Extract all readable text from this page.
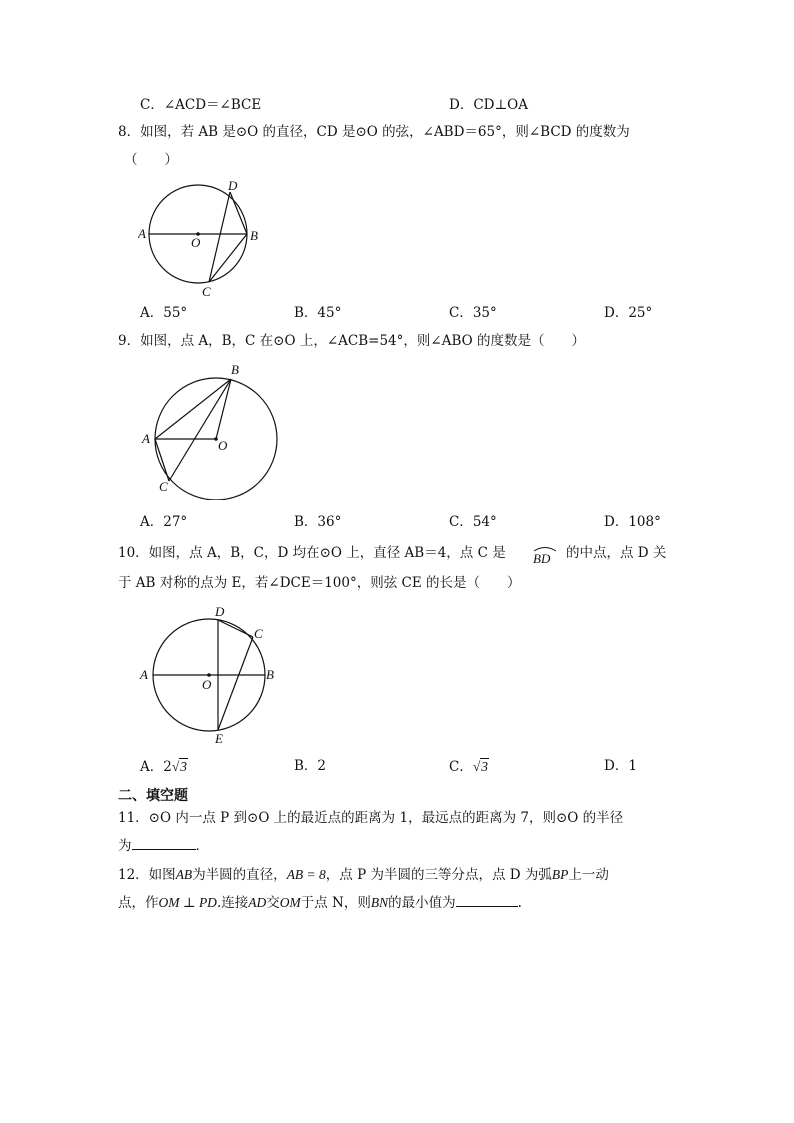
C．∠ACD＝∠BCE	D．CD⊥OA
8．如图，若 AB 是⊙O 的直径，CD 是⊙O 的弦，∠ABD＝65°，则∠BCD 的度数为
（　　）
A	B
D
C
O
A．55°	B．45°	C．35°	D．25°
9．如图，点 A，B，C 在⊙O 上，∠ACB=54°，则∠ABO 的度数是（　　）
A
B
C
O
A．27°	B．36°	C．54°	D．108°
10．如图，点 A，B，C，D 均在⊙O 上，直径 AB＝4，点 C 是 BD 的中点，点 D 关
于 AB 对称的点为 E，若∠DCE＝100°，则弦 CE 的长是（　　）
A	B
C
D
E
O
A．2√3	B．2	C．√3	D．1
二、填空题
11．⊙O 内一点 P 到⊙O 上的最近点的距离为 1，最远点的距离为 7，则⊙O 的半径
为	．
12．如图AB为半圆的直径，AB = 8，点 P 为半圆的三等分点，点 D 为弧BP上一动
点，作OM ⊥ PD.连接AD交OM于点 N，则BN的最小值为	.
